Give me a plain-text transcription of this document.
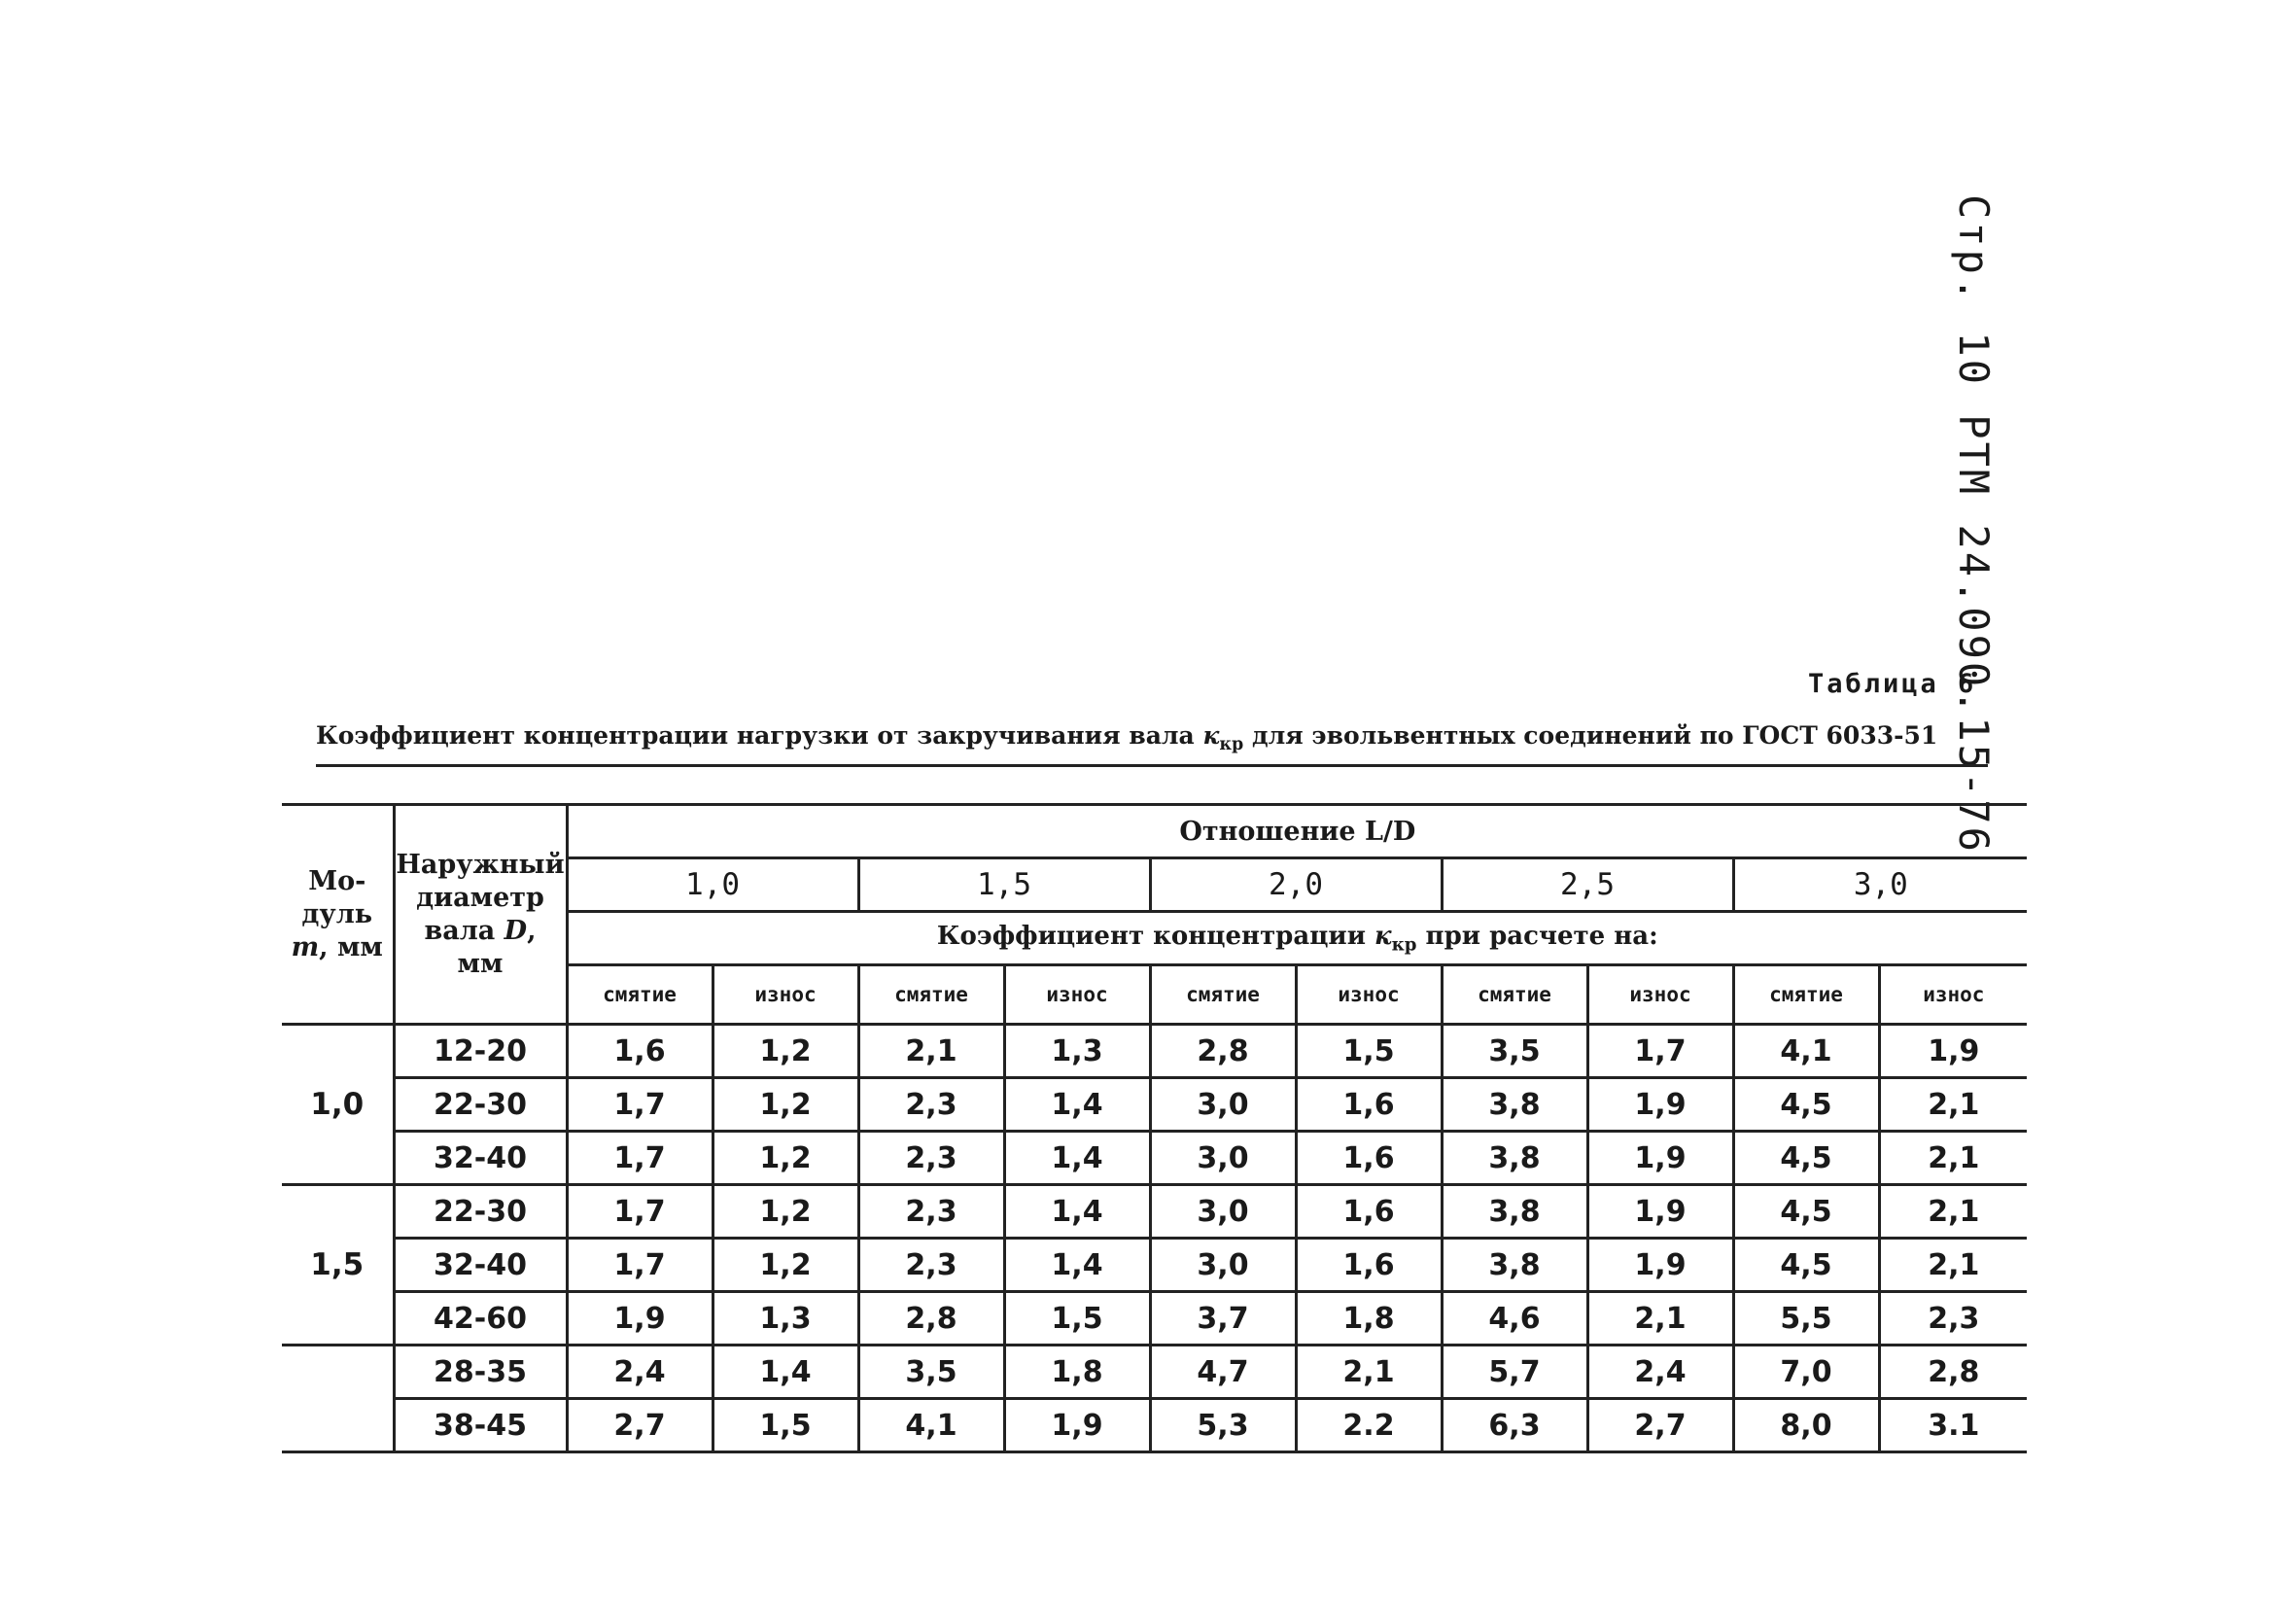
Стр. 10 РТМ 24.090.15-76
Таблица 6
Коэффициент концентрации нагрузки от закручивания вала $к_{кр}$ для эвольвентных соединений по ГОСТ 6033-51
Мо-
дуль
m, мм	Наружный
диаметр
вала D,
мм	Отношение L/D									
		1,0		1,5		2,0		2,5		3,0	
		Коэффициент концентрации $к_{кр}$ при расчете на:									
		смятие	износ	смятие	износ	смятие	износ	смятие	износ	смятие	износ
1,0	12-20	1,6	1,2	2,1	1,3	2,8	1,5	3,5	1,7	4,1	1,9
	22-30	1,7	1,2	2,3	1,4	3,0	1,6	3,8	1,9	4,5	2,1
	32-40	1,7	1,2	2,3	1,4	3,0	1,6	3,8	1,9	4,5	2,1
1,5	22-30	1,7	1,2	2,3	1,4	3,0	1,6	3,8	1,9	4,5	2,1
	32-40	1,7	1,2	2,3	1,4	3,0	1,6	3,8	1,9	4,5	2,1
	42-60	1,9	1,3	2,8	1,5	3,7	1,8	4,6	2,1	5,5	2,3
	28-35	2,4	1,4	3,5	1,8	4,7	2,1	5,7	2,4	7,0	2,8
	38-45	2,7	1,5	4,1	1,9	5,3	2.2	6,3	2,7	8,0	3.1
